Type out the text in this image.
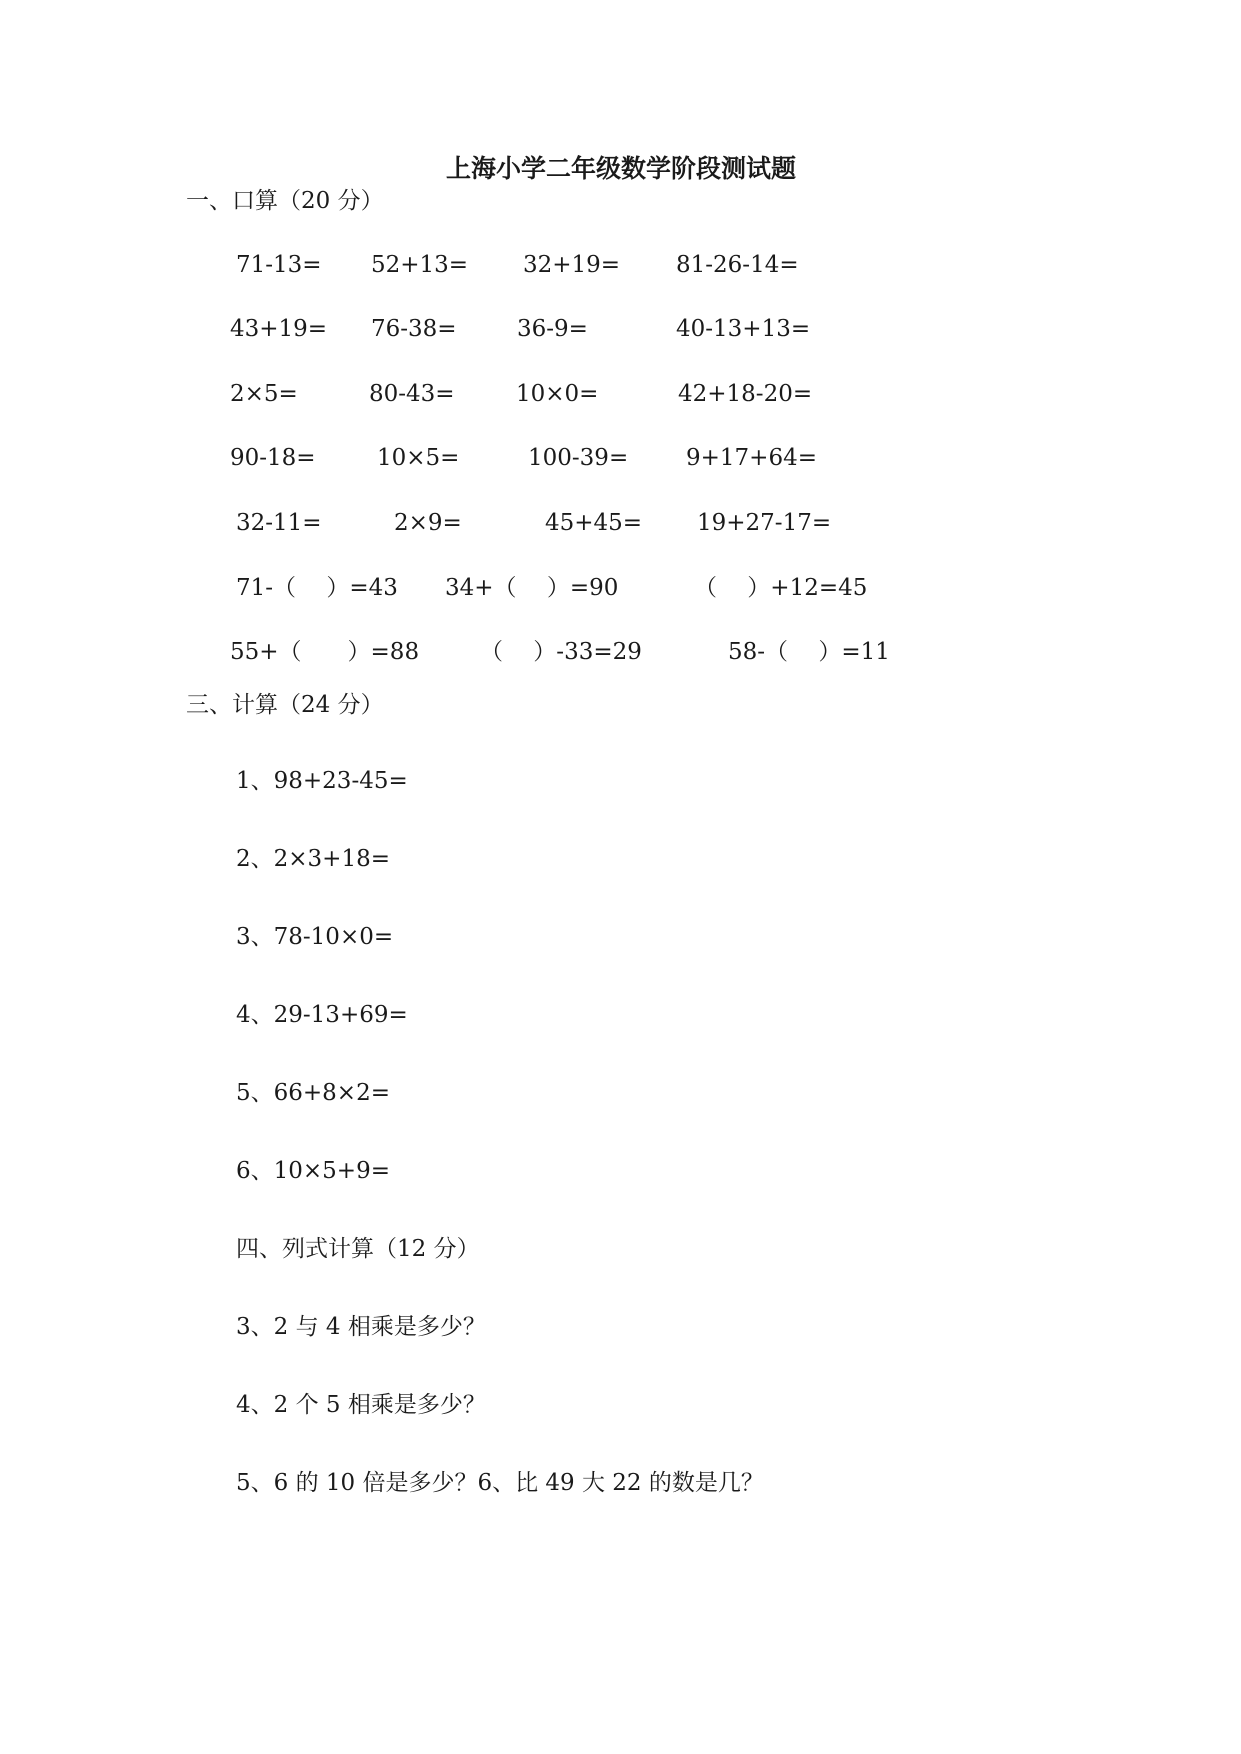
上海小学二年级数学阶段测试题
一、口算（20 分）
71-13= 52+13= 32+19= 81-26-14=
43+19= 76-38=	36-9=	40-13+13=
2×5=	80-43=	10×0=	42+18-20=
90-18=	10×5=	100-39=	9+17+64=
32-11=	2×9=	45+45= 19+27-17=
71-（　 ）=43 34+（　 ）=90	（　 ）+12=45
55+（　　）=88	（　 ）-33=29	58-（　 ）=11
三、计算（24 分）
1、98+23-45=
2、2×3+18=
3、78-10×0=
4、29-13+69=
5、66+8×2=
6、10×5+9=
四、列式计算（12 分）
3、2 与 4 相乘是多少？
4、2 个 5 相乘是多少？
5、6 的 10 倍是多少？6、比 49 大 22 的数是几？
